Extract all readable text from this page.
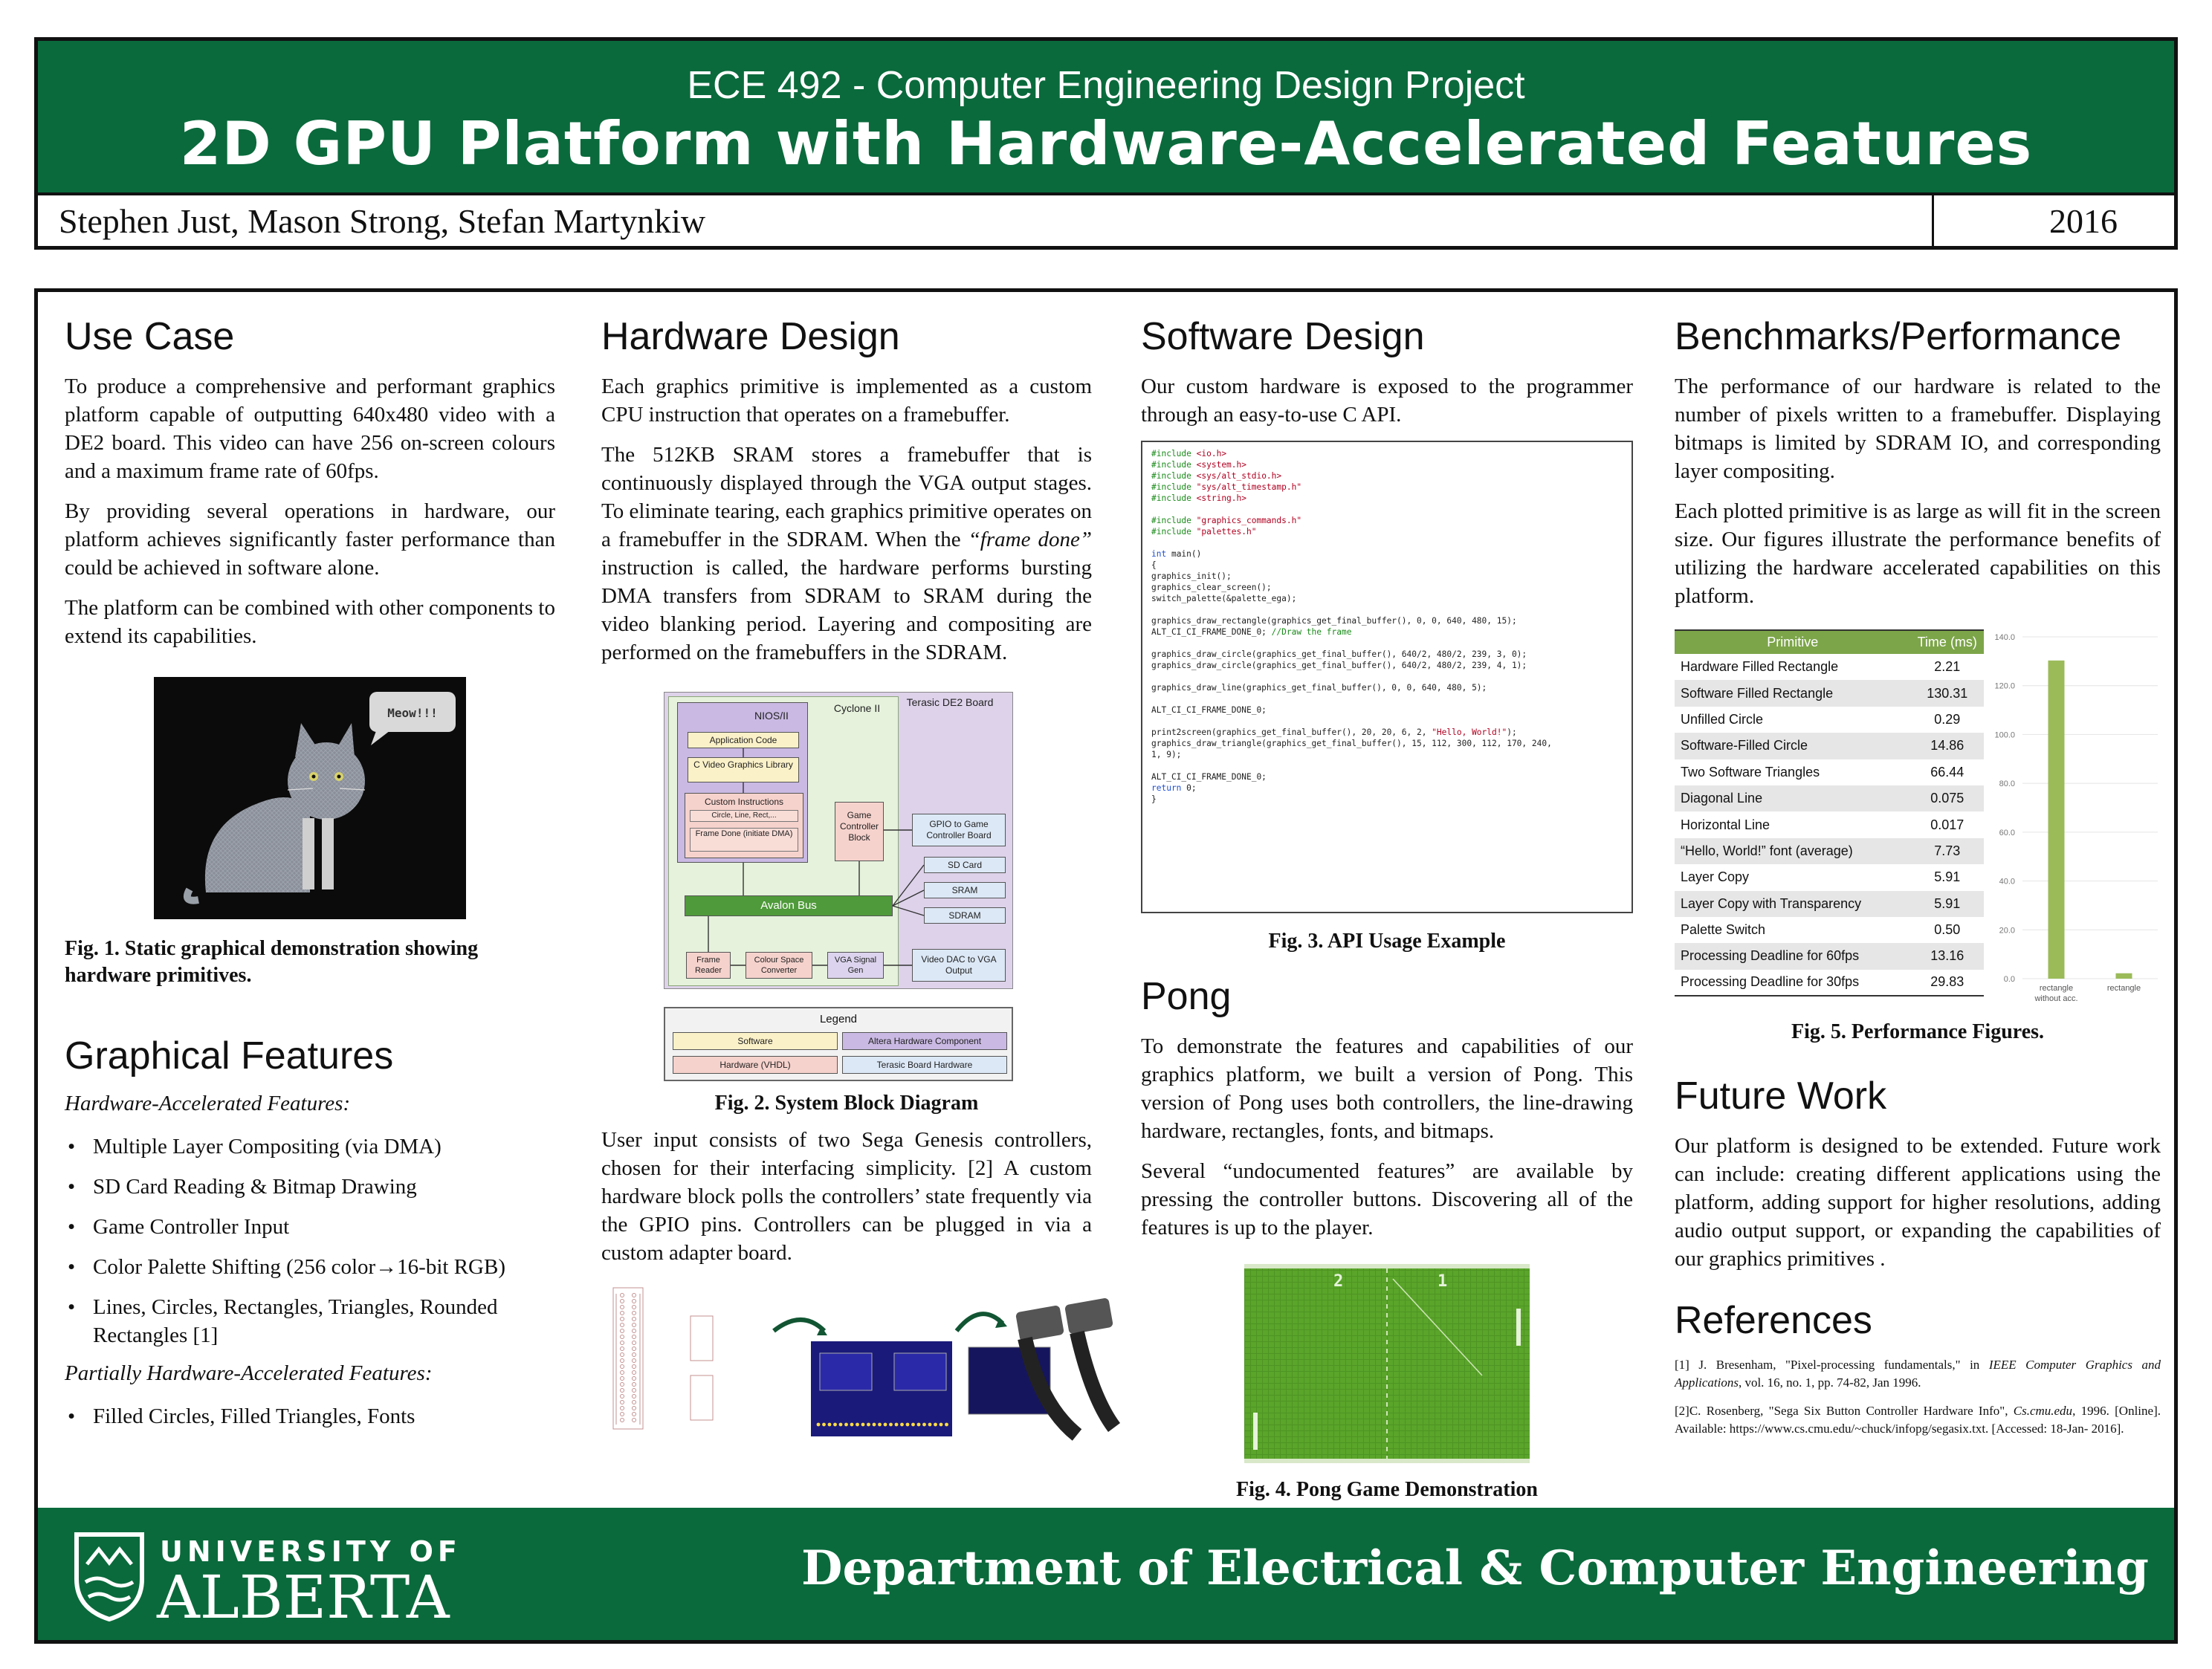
ECE 492 - Computer Engineering Design Project
2D GPU Platform with Hardware-Accelerated Features
Stephen Just, Mason Strong, Stefan Martynkiw	2016
Use Case

To produce a comprehensive and performant graphics platform capable of outputting 640x480 video with a DE2 board. This video can have 256 on-screen colours and a maximum frame rate of 60fps.

By providing several operations in hardware, our platform achieves significantly faster performance than could be achieved in software alone.

The platform can be combined with other components to extend its capabilities.

Meow!!!
Fig. 1. Static graphical demonstration showing hardware primitives.
Graphical Features
Hardware-Accelerated Features:
• Multiple Layer Compositing (via DMA)
• SD Card Reading & Bitmap Drawing
• Game Controller Input
• Color Palette Shifting (256 color→16-bit RGB)
• Lines, Circles, Rectangles, Triangles, Rounded Rectangles [1]
Partially Hardware-Accelerated Features:
• Filled Circles, Filled Triangles, Fonts
Hardware Design

Each graphics primitive is implemented as a custom CPU instruction that operates on a framebuffer.

The 512KB SRAM stores a framebuffer that is continuously displayed through the VGA output stages. To eliminate tearing, each graphics primitive operates on a framebuffer in the SDRAM. When the “frame done” instruction is called, the hardware performs bursting DMA transfers from SDRAM to SRAM during the video blanking period. Layering and compositing are performed on the framebuffers in the SDRAM.

Terasic DE2 Board
Cyclone II
NIOS/II
Application Code
C Video Graphics Library
Custom Instructions
Circle, Line, Rect,...
Frame Done (initiate DMA)
Game Controller Block
GPIO to Game Controller Board
SD Card
SRAM
SDRAM
Avalon Bus
Frame Reader
Colour Space Converter
VGA Signal Gen
Video DAC to VGA Output
Legend
Software	Altera Hardware Component
Hardware (VHDL)	Terasic Board Hardware
Fig. 2. System Block Diagram

User input consists of two Sega Genesis controllers, chosen for their interfacing simplicity. [2] A custom hardware block polls the controllers’ state frequently via the GPIO pins. Controllers can be plugged in via a custom adapter board.

Software Design

Our custom hardware is exposed to the programmer through an easy-to-use C API.

#include <io.h>
#include <system.h>
#include <sys/alt_stdio.h>
#include "sys/alt_timestamp.h"
#include <string.h>

#include "graphics_commands.h"
#include "palettes.h"

int main()
{
graphics_init();
graphics_clear_screen();
switch_palette(&palette_ega);

graphics_draw_rectangle(graphics_get_final_buffer(), 0, 0, 640, 480, 15);
ALT_CI_CI_FRAME_DONE_0; //Draw the frame

graphics_draw_circle(graphics_get_final_buffer(), 640/2, 480/2, 239, 3, 0);
graphics_draw_circle(graphics_get_final_buffer(), 640/2, 480/2, 239, 4, 1);

graphics_draw_line(graphics_get_final_buffer(), 0, 0, 640, 480, 5);

ALT_CI_CI_FRAME_DONE_0;

print2screen(graphics_get_final_buffer(), 20, 20, 6, 2, "Hello, World!");
graphics_draw_triangle(graphics_get_final_buffer(), 15, 112, 300, 112, 170, 240,
1, 9);

ALT_CI_CI_FRAME_DONE_0;
return 0;
}
Fig. 3. API Usage Example
Pong

To demonstrate the features and capabilities of our graphics platform, we built a version of Pong. This version of Pong uses both controllers, the line-drawing hardware, rectangles, fonts, and bitmaps.

Several “undocumented features” are available by pressing the controller buttons. Discovering all of the features is up to the player.

2	1
Fig. 4. Pong Game Demonstration
Benchmarks/Performance

The performance of our hardware is related to the number of pixels written to a framebuffer. Displaying bitmaps is limited by SDRAM IO, and corresponding layer compositing.

Each plotted primitive is as large as will fit in the screen size. Our figures illustrate the performance benefits of utilizing the hardware accelerated capabilities on this platform.

Primitive	Time (ms)
Hardware Filled Rectangle	2.21
Software Filled Rectangle	130.31
Unfilled Circle	0.29
Software-Filled Circle	14.86
Two Software Triangles	66.44
Diagonal Line	0.075
Horizontal Line	0.017
“Hello, World!” font (average)	7.73
Layer Copy	5.91
Layer Copy with Transparency	5.91
Palette Switch	0.50
Processing Deadline for 60fps	13.16
Processing Deadline for 30fps	29.83	0.0
20.0
40.0
60.0
80.0
100.0
120.0
140.0
rectangle without acc.
rectangle
Fig. 5. Performance Figures.
Future Work

Our platform is designed to be extended. Future work can include: creating different applications using the platform, adding support for higher resolutions, adding audio output support, or expanding the capabilities of our graphics primitives .

References

[1] J. Bresenham, "Pixel-processing fundamentals," in IEEE Computer Graphics and Applications, vol. 16, no. 1, pp. 74-82, Jan 1996.

[2]C. Rosenberg, "Sega Six Button Controller Hardware Info", Cs.cmu.edu, 1996. [Online]. Available: https://www.cs.cmu.edu/~chuck/infopg/segasix.txt. [Accessed: 18-Jan- 2016].

UNIVERSITY OF
ALBERTA	Department of Electrical & Computer Engineering
